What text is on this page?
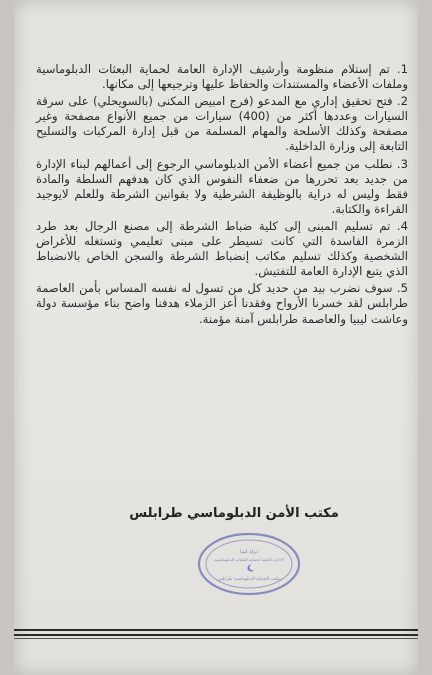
1. تم إستلام منظومة وأرشيف الإدارة العامة لحماية البعثات الدبلوماسية وملفات الأعضاء والمستندات والحفاظ عليها وترجيعها إلى مكانها.

2. فتح تحقيق إداري مع المدعو (فرج امبيص المكنى (بالسويحلي) على سرقة السيارات وعددها أكثر من (400) سيارات من جميع الأنواع مصفحة وغير مصفحة وكذلك الأسلحة والمهام المسلمة من قبل إدارة المركبات والتسليح التابعة إلى وزارة الداخلية.

3. نطلب من جميع أعضاء الأمن الدبلوماسي الرجوع إلى أعمالهم لبناء الإدارة من جديد بعد تحررها من ضعفاء النفوس الذي كان هدفهم السلطة والمادة فقط وليس له دراية بالوظيفة الشرطية ولا بقوانين الشرطة وللعلم لايوجيد القراءة والكتابة.

4. تم تسليم المبنى إلى كلية ضباط الشرطة إلى مصنع الرجال بعد طرد الزمرة الفاسدة التي كانت تسيطر على مبنى تعليمي وتستغله للأغراض الشخصية وكذلك تسليم مكاتب إنضباط الشرطة والسجن الخاص بالانضباط الذي يتبع الإدارة العامة للتفتيش.

5. سوف نضرب بيد من حديد كل من تسول له نفسه المساس بأمن العاصمة طرابلس لقد خسرنا الأرواح وفقدنا أعز الزملاء هدفنا واضح بناء مؤسسة دولة وعاشت ليبيا والعاصمة طرابلس آمنة مؤمنة.

مكتب الأمن الدبلوماسي طرابلس
دولة ليبيا
الإدارة العامة لحماية البعثات الدبلوماسية
مكتب الحماية الدبلوماسية طرابلس
